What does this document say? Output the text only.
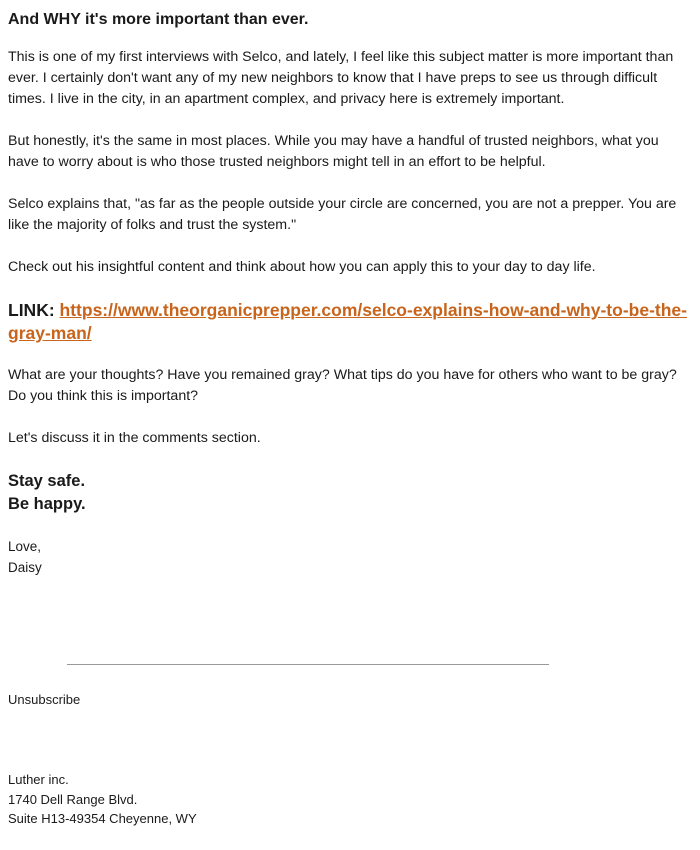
And WHY it's more important than ever.

This is one of my first interviews with Selco, and lately, I feel like this subject matter is more important than ever. I certainly don't want any of my new neighbors to know that I have preps to see us through difficult times. I live in the city, in an apartment complex, and privacy here is extremely important.

But honestly, it's the same in most places. While you may have a handful of trusted neighbors, what you have to worry about is who those trusted neighbors might tell in an effort to be helpful.

Selco explains that, "as far as the people outside your circle are concerned, you are not a prepper. You are like the majority of folks and trust the system."

Check out his insightful content and think about how you can apply this to your day to day life.

LINK: https://www.theorganicprepper.com/selco-explains-how-and-why-to-be-the-gray-man/

What are your thoughts? Have you remained gray? What tips do you have for others who want to be gray? Do you think this is important?

Let's discuss it in the comments section.

Stay safe.
Be happy.
Love,
Daisy
Unsubscribe
Luther inc.
1740 Dell Range Blvd.
Suite H13-49354 Cheyenne, WY
